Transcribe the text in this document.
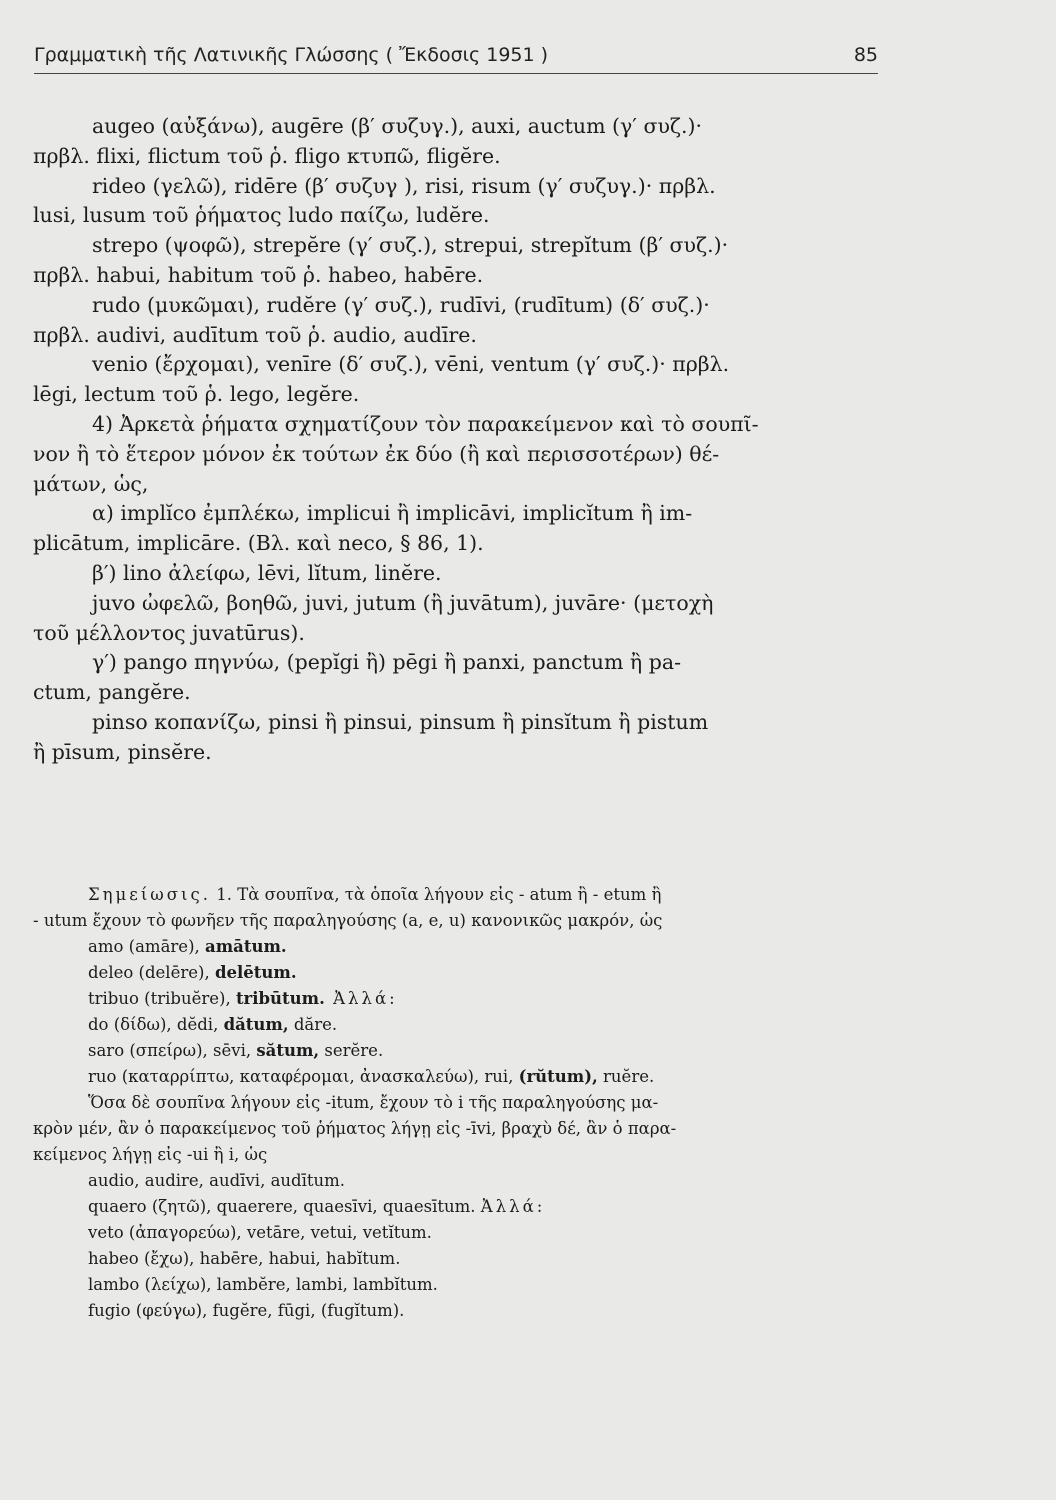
Γραμματικὴ τῆς Λατινικῆς Γλώσσης ( Ἔκδοσις 1951 )	85
augeo (αὐξάνω), augēre (β′ συζυγ.), auxi, auctum (γ′ συζ.)·
πρβλ. flixi, flictum τοῦ ῥ. fligo κτυπῶ, fligĕre.
rideo (γελῶ), ridēre (β′ συζυγ ), risi, risum (γ′ συζυγ.)· πρβλ.
lusi, lusum τοῦ ῥήματος ludo παίζω, ludĕre.
strepo (ψοφῶ), strepĕre (γ′ συζ.), strepui, strepĭtum (β′ συζ.)·
πρβλ. habui, habitum τοῦ ῥ. habeo, habēre.
rudo (μυκῶμαι), rudĕre (γ′ συζ.), rudīvi, (rudītum) (δ′ συζ.)·
πρβλ. audivi, audītum τοῦ ῥ. audio, audīre.
venio (ἔρχομαι), venīre (δ′ συζ.), vēni, ventum (γ′ συζ.)· πρβλ.
lēgi, lectum τοῦ ῥ. lego, legĕre.
4) Ἀρκετὰ ῥήματα σχηματίζουν τὸν παρακείμενον καὶ τὸ σουπῖ-
νον ἢ τὸ ἕτερον μόνον ἐκ τούτων ἐκ δύο (ἢ καὶ περισσοτέρων) θέ-
μάτων, ὡς,
α) implĭco ἐμπλέκω, implicui ἢ implicāvi, implicĭtum ἢ im-
plicātum, implicāre. (Βλ. καὶ neco, § 86, 1).
β′) lino ἀλείφω, lēvi, lĭtum, linĕre.
juvo ὠφελῶ, βοηθῶ, juvi, jutum (ἢ juvātum), juvāre· (μετοχὴ
τοῦ μέλλοντος juvatūrus).
γ′) pango πηγνύω, (pepĭgi ἢ) pēgi ἢ panxi, panctum ἢ pa-
ctum, pangĕre.
pinso κοπανίζω, pinsi ἢ pinsui, pinsum ἢ pinsĭtum ἢ pistum
ἢ pīsum, pinsĕre.
Σημείωσις. 1. Τὰ σουπῖνα, τὰ ὁποῖα λήγουν εἰς - atum ἢ - etum ἢ
- utum ἔχουν τὸ φωνῆεν τῆς παραληγούσης (a, e, u) κανονικῶς μακρόν, ὡς
amo (amāre), amātum.
deleo (delēre), delētum.
tribuo (tribuĕre), tribūtum. Ἀλλά:
do (δίδω), dĕdi, dătum, dăre.
saro (σπείρω), sēvi, sătum, serĕre.
ruo (καταρρίπτω, καταφέρομαι, ἀνασκαλεύω), rui, (rŭtum), ruĕre.
Ὅσα δὲ σουπῖνα λήγουν εἰς -itum, ἔχουν τὸ i τῆς παραληγούσης μα-
κρὸν μέν, ἂν ὁ παρακείμενος τοῦ ῥήματος λήγῃ εἰς -īvi, βραχὺ δέ, ἂν ὁ παρα-
κείμενος λήγῃ εἰς -ui ἢ i, ὡς
audio, audire, audīvi, audītum.
quaero (ζητῶ), quaerere, quaesīvi, quaesītum. Ἀλλά:
veto (ἀπαγορεύω), vetāre, vetui, vetĭtum.
habeo (ἔχω), habēre, habui, habĭtum.
lambo (λείχω), lambĕre, lambi, lambĭtum.
fugio (φεύγω), fugĕre, fūgi, (fugĭtum).
